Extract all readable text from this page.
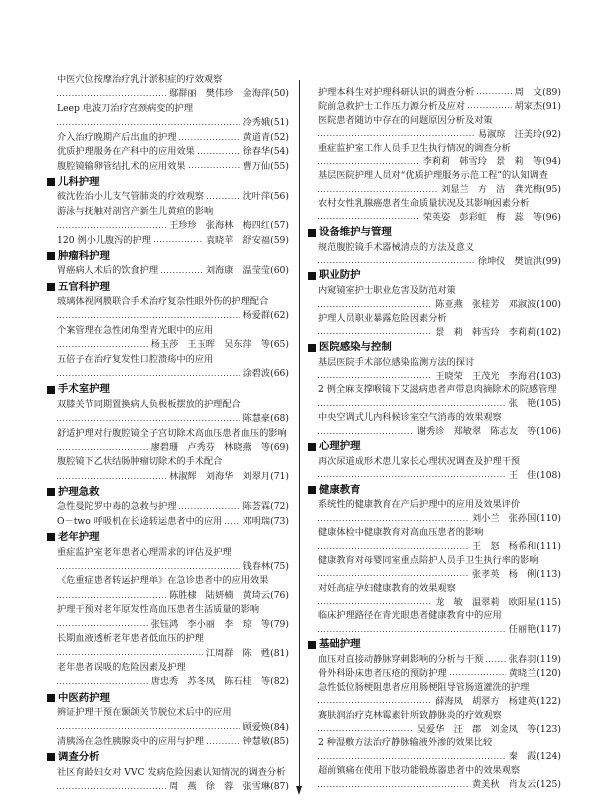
中医穴位按摩治疗乳汁淤积症的疗效观察
鄢群丽　樊伟珍　金海萍 (50)
Leep 电波刀治疗宫颈病变的护理
冷秀娥 (51)
介入治疗晚期产后出血的护理	黄道青 (52)
优质护理服务在产科中的应用效果	徐春华 (54)
腹腔镜输卵管结扎术的应用效果	曹万仙 (55)
儿科护理
彼沈佐治小儿支气管肺炎的疗效观察	沈叶萍 (56)
游泳与抚触对剖宫产新生儿黄疸的影响
王珍珍　张海林　梅四红 (57)
120 例小儿腹泻的护理	袁晓苹　舒安福 (59)
肿瘤科护理
胃癌病人术后的饮食护理	刘海康　温莹莹 (60)
五官科护理
玻璃体视网膜联合手术治疗复杂性眼外伤的护理配合
杨爱群 (62)
个案管理在急性闭角型青光眼中的应用
杨玉莎　王玉晖　吴东萍　等 (65)
五倍子在治疗复发性口腔溃疡中的应用
涂碧波 (66)
手术室护理
双膝关节同期置换病人负极板摆放的护理配合
陈慧豪 (68)
舒适护理对行腹腔镜全子宫切除术高血压患者血压的影响
廖碧珊　卢秀芬　林晓燕　等 (69)
腹腔镜下乙状结肠肿瘤切除术的手术配合
林淑辉　刘海华　刘翠月 (71)
护理急救
急性曼陀罗中毒的急救与护理	陈荟霖 (72)
O－two 呼吸机在长途转运患者中的应用 邓明瑞 (73)
老年护理
重症监护室老年患者心理需求的评估及护理
钱春林 (75)
《危重症患者转运护理单》在急诊患者中的应用效果
陈胜棣　陆妍楠　黄琦云 (76)
护理干预对老年原发性高血压患者生活质量的影响
张钰鸿　李小丽　李　琼　等 (79)
长期血液透析老年患者低血压的护理
江周群　陈　甦 (81)
老年患者误吸的危险因素及护理
唐忠秀　苏冬凤　陈石桂　等 (82)
中医药护理
辨证护理干预在颞颌关节脱位术后中的应用
顾爱焕 (84)
清胰汤在急性胰腺炎中的应用与护理	钟慧敏 (85)
调查分析
社区育龄妇女对 VVC 发病危险因素认知情况的调查分析
周　燕　徐　蓉　张雪琳 (87)
护理本科生对护理科研认识的调查分析	周　文 (89)
院前急救护士工作压力源分析及应对	胡家杰 (91)
医院患者随访中存在的问题原因分析及对策
易淑琼　汪美玲 (92)
重症监护室工作人员手卫生执行情况的调查分析
李莉莉　韩雪玲　景　莉　等 (94)
基层医院护理人员对“优质护理服务示范工程”的认知调查
刘显兰　方　洁　龚光梅 (95)
农村女性乳腺癌患者生命质量状况及其影响因素分析
荣英姿　彭彩虹　梅　蕊　等 (96)
设备维护与管理
规范腹腔镜手术器械清点的方法及意义
徐坤仪　樊谊洪 (99)
职业防护
内窥镜室护士职业危害及防范对策
陈亚燕　张桂芳　邓淑波 (100)
护理人员职业暴露危险因素分析
景　莉　韩雪玲　李莉莉 (102)
医院感染与控制
基层医院手术部位感染监测方法的探讨
王晓荣　王茂光　李海君 (103)
2 例全麻支撑喉镜下艾滋病患者声带息肉摘除术的院感管理
张　艳 (105)
中央空调式儿内科候诊室空气消毒的效果观察
谢秀诊　郑敏翠　陈志友　等 (106)
心理护理
再次尿道成形术患儿家长心理状况调查及护理干预
王　佳 (108)
健康教育
系统性的健康教育在产后护理中的应用及效果评价
刘小兰　张孙国 (110)
健康体检中健康教育对高血压患者的影响
王　怒　杨希和 (111)
健康教育对母婴同室重点陪护人员手卫生执行率的影响
张孝英　杨　俐 (113)
对妊高症孕妇健康教育的效果观察
龙　敏　温翠莉　欧阳星 (115)
临床护理路径在青光眼患者健康教育中的应用
任丽艳 (117)
基础护理
血压对直接动静脉穿刺影响的分析与干预	张春羽 (119)
骨外科卧床患者压疮的预防护理	黄晓兰 (120)
急性低位肠梗阻患者应用肠梗阻导管肠道灌洗的护理
薛海凤　胡翠方　杨建英 (122)
赛肤润治疗克林霉素针所致静脉炎的疗效观察
吴爱华　汪　郡　刘金凤　等 (123)
2 种湿敷方法治疗静脉输液外渗的效果比较
秦　霞 (124)
超前镇痛在使用下肢功能锻炼器患者中的效果观察
黄美秋　肖友云 (125)
